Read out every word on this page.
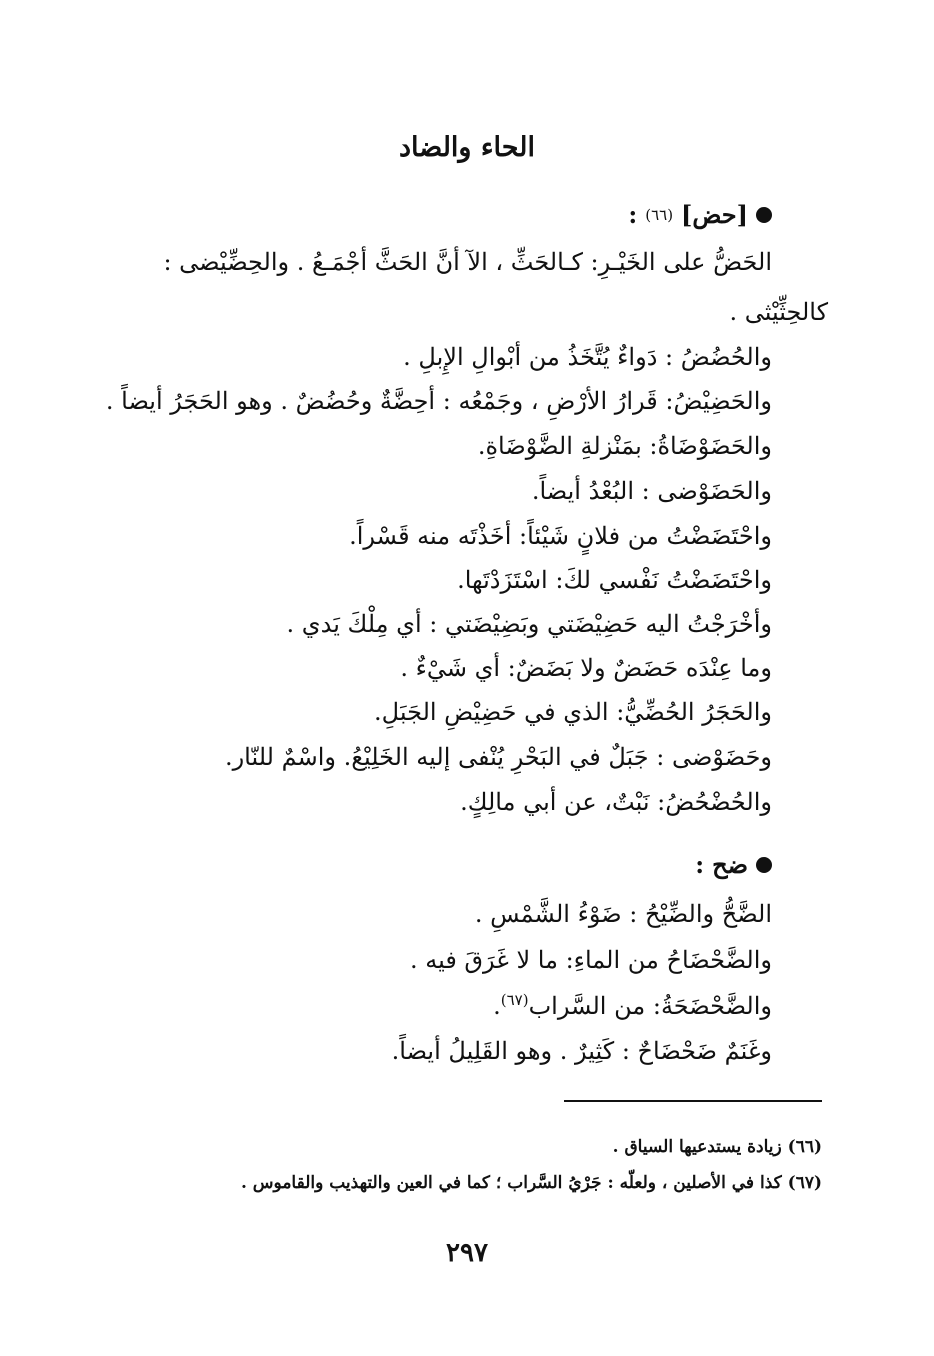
الحاء والضاد
[حض]
(٦٦)
:
الحَضُّ على الخَيْـرِ: كـالحَثِّ ، الآ أنَّ الحَثَّ أجْمَـعُ . والحِضِّيْضى :
كالحِثِّيْثى .
والحُضُضُ : دَواءٌ يُتَّخَذُ من أبْوالِ الإِبلِ .
والحَضِيْضُ: قَرارُ الأرْضِ ، وجَمْعُه : أحِضَّةٌ وحُضُضٌ . وهو الحَجَرُ أيضاً .
والحَضَوْضَاةُ: بمَنْزلةِ الضَّوْضَاةِ.
والحَضَوْضى : البُعْدُ أيضاً.
واحْتَضَضْتُ من فلانٍ شَيْئاً: أخَذْتَه منه قَسْراً.
واحْتَضَضْتُ نَفْسي لكَ: اسْتَزَدْتَها.
وأخْرَجْتُ اليه حَضِيْضَتي وبَضِيْضَتي : أي مِلْكَ يَدي .
وما عِنْدَه حَضَضٌ ولا بَضَضٌ: أي شَيْءٌ .
والحَجَرُ الحُضِّيُّ: الذي في حَضِيْضِ الجَبَلِ.
وحَضَوْضى : جَبَلٌ في البَحْرِ يُنْفى إليه الخَلِيْعُ. واسْمٌ للنّار.
والحُضْحُضُ: نَبْتٌ، عن أبي مالِكٍ.
ضح
:
الضَّحُّ والضِّيْحُ : ضَوْءُ الشَّمْسِ .
والضَّحْضَاحُ من الماءِ: ما لا غَرَقَ فيه .
والضَّحْضَحَةُ: من السَّراب$^{(٦٧)}$.
وغَنَمٌ ضَحْضَاحٌ : كَثِيرٌ . وهو القَلِيلُ أيضاً.
(٦٦) زيادة يستدعيها السياق .
(٦٧) كذا في الأصلين ، ولعلّه : جَرْيُ السَّراب ؛ كما في العين والتهذيب والقاموس .
٢٩٧
